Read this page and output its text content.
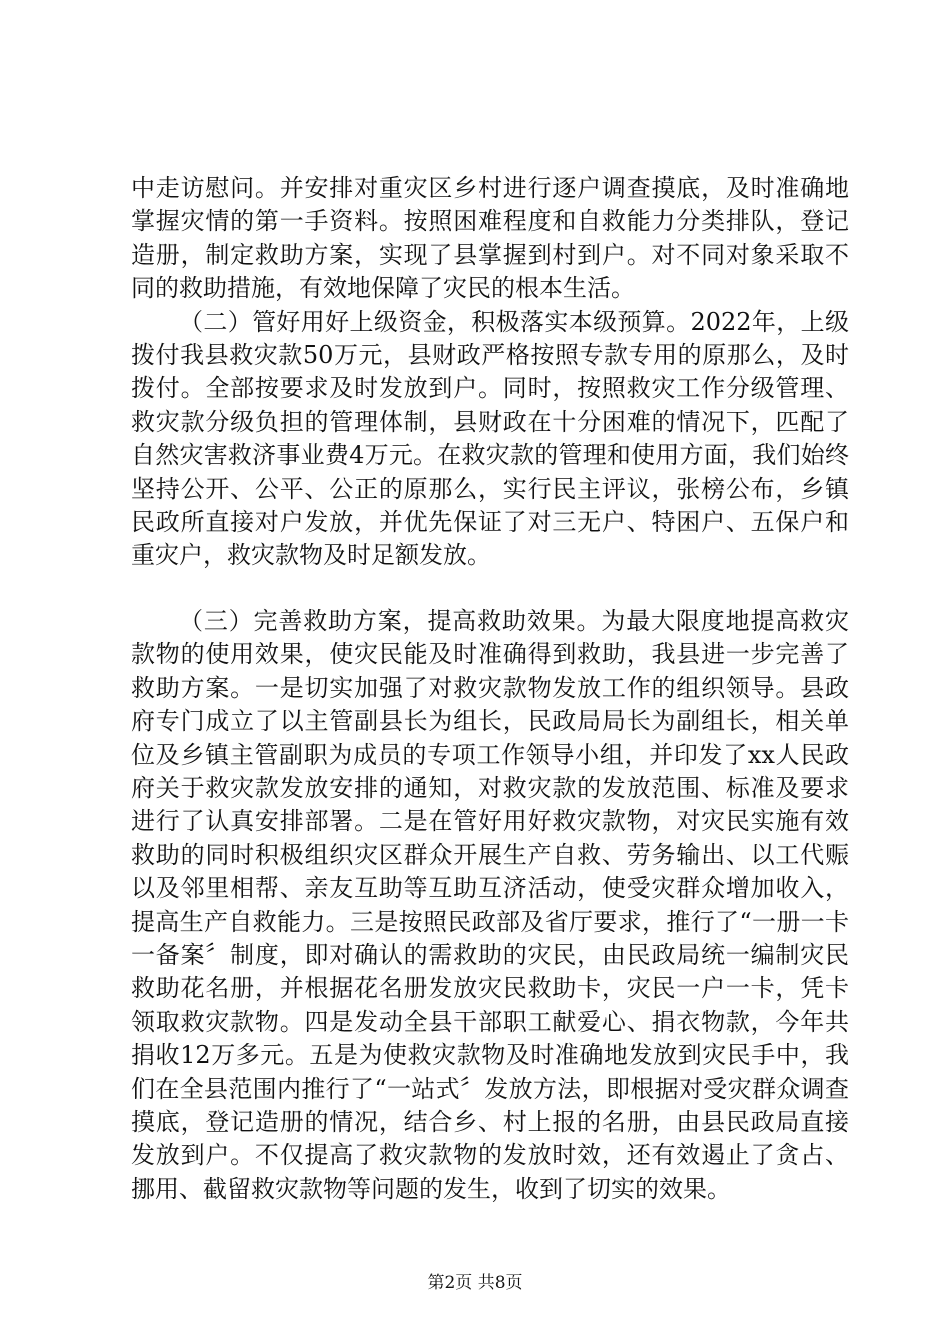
中走访慰问。并安排对重灾区乡村进行逐户调查摸底，及时准确地掌握灾情的第一手资料。按照困难程度和自救能力分类排队，登记造册，制定救助方案，实现了县掌握到村到户。对不同对象采取不同的救助措施，有效地保障了灾民的根本生活。

（二）管好用好上级资金，积极落实本级预算。2022年，上级拨付我县救灾款50万元，县财政严格按照专款专用的原那么，及时拨付。全部按要求及时发放到户。同时，按照救灾工作分级管理、救灾款分级负担的管理体制，县财政在十分困难的情况下，匹配了自然灾害救济事业费4万元。在救灾款的管理和使用方面，我们始终坚持公开、公平、公正的原那么，实行民主评议，张榜公布，乡镇民政所直接对户发放，并优先保证了对三无户、特困户、五保户和重灾户，救灾款物及时足额发放。

（三）完善救助方案，提高救助效果。为最大限度地提高救灾款物的使用效果，使灾民能及时准确得到救助，我县进一步完善了救助方案。一是切实加强了对救灾款物发放工作的组织领导。县政府专门成立了以主管副县长为组长，民政局局长为副组长，相关单位及乡镇主管副职为成员的专项工作领导小组，并印发了xx人民政府关于救灾款发放安排的通知，对救灾款的发放范围、标准及要求进行了认真安排部署。二是在管好用好救灾款物，对灾民实施有效救助的同时积极组织灾区群众开展生产自救、劳务输出、以工代赈以及邻里相帮、亲友互助等互助互济活动，使受灾群众增加收入，提高生产自救能力。三是按照民政部及省厅要求，推行了“一册一卡一备案〞制度，即对确认的需救助的灾民，由民政局统一编制灾民救助花名册，并根据花名册发放灾民救助卡，灾民一户一卡，凭卡领取救灾款物。四是发动全县干部职工献爱心、捐衣物款，今年共捐收12万多元。五是为使救灾款物及时准确地发放到灾民手中，我们在全县范围内推行了“一站式〞发放方法，即根据对受灾群众调查摸底，登记造册的情况，结合乡、村上报的名册，由县民政局直接发放到户。不仅提高了救灾款物的发放时效，还有效遏止了贪占、挪用、截留救灾款物等问题的发生，收到了切实的效果。

第2页 共8页
